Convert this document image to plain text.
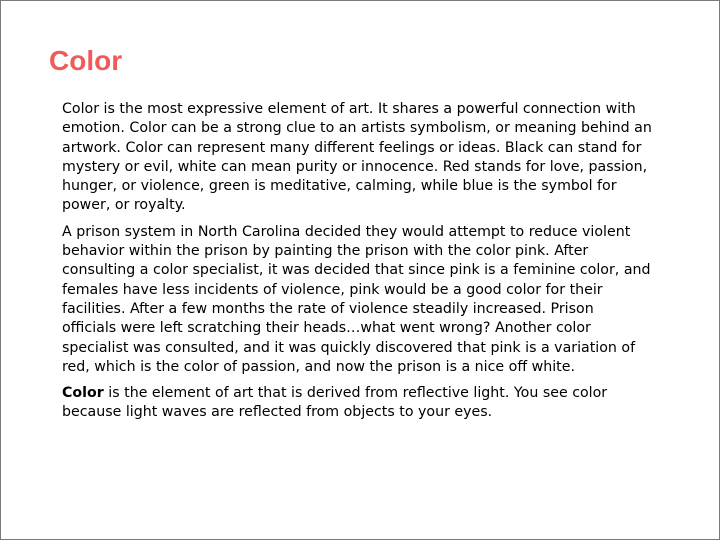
Color

Color is the most expressive element of art. It shares a powerful connection with emotion. Color can be a strong clue to an artists symbolism, or meaning behind an artwork. Color can represent many different feelings or ideas. Black can stand for mystery or evil, white can mean purity or innocence. Red stands for love, passion, hunger, or violence, green is meditative, calming, while blue is the symbol for power, or royalty.

A prison system in North Carolina decided they would attempt to reduce violent behavior within the prison by painting the prison with the color pink. After consulting a color specialist, it was decided that since pink is a feminine color, and females have less incidents of violence, pink would be a good color for their facilities. After a few months the rate of violence steadily increased. Prison officials were left scratching their heads…what went wrong? Another color specialist was consulted, and it was quickly discovered that pink is a variation of red, which is the color of passion, and now the prison is a nice off white.

Color is the element of art that is derived from reflective light. You see color because light waves are reflected from objects to your eyes.
